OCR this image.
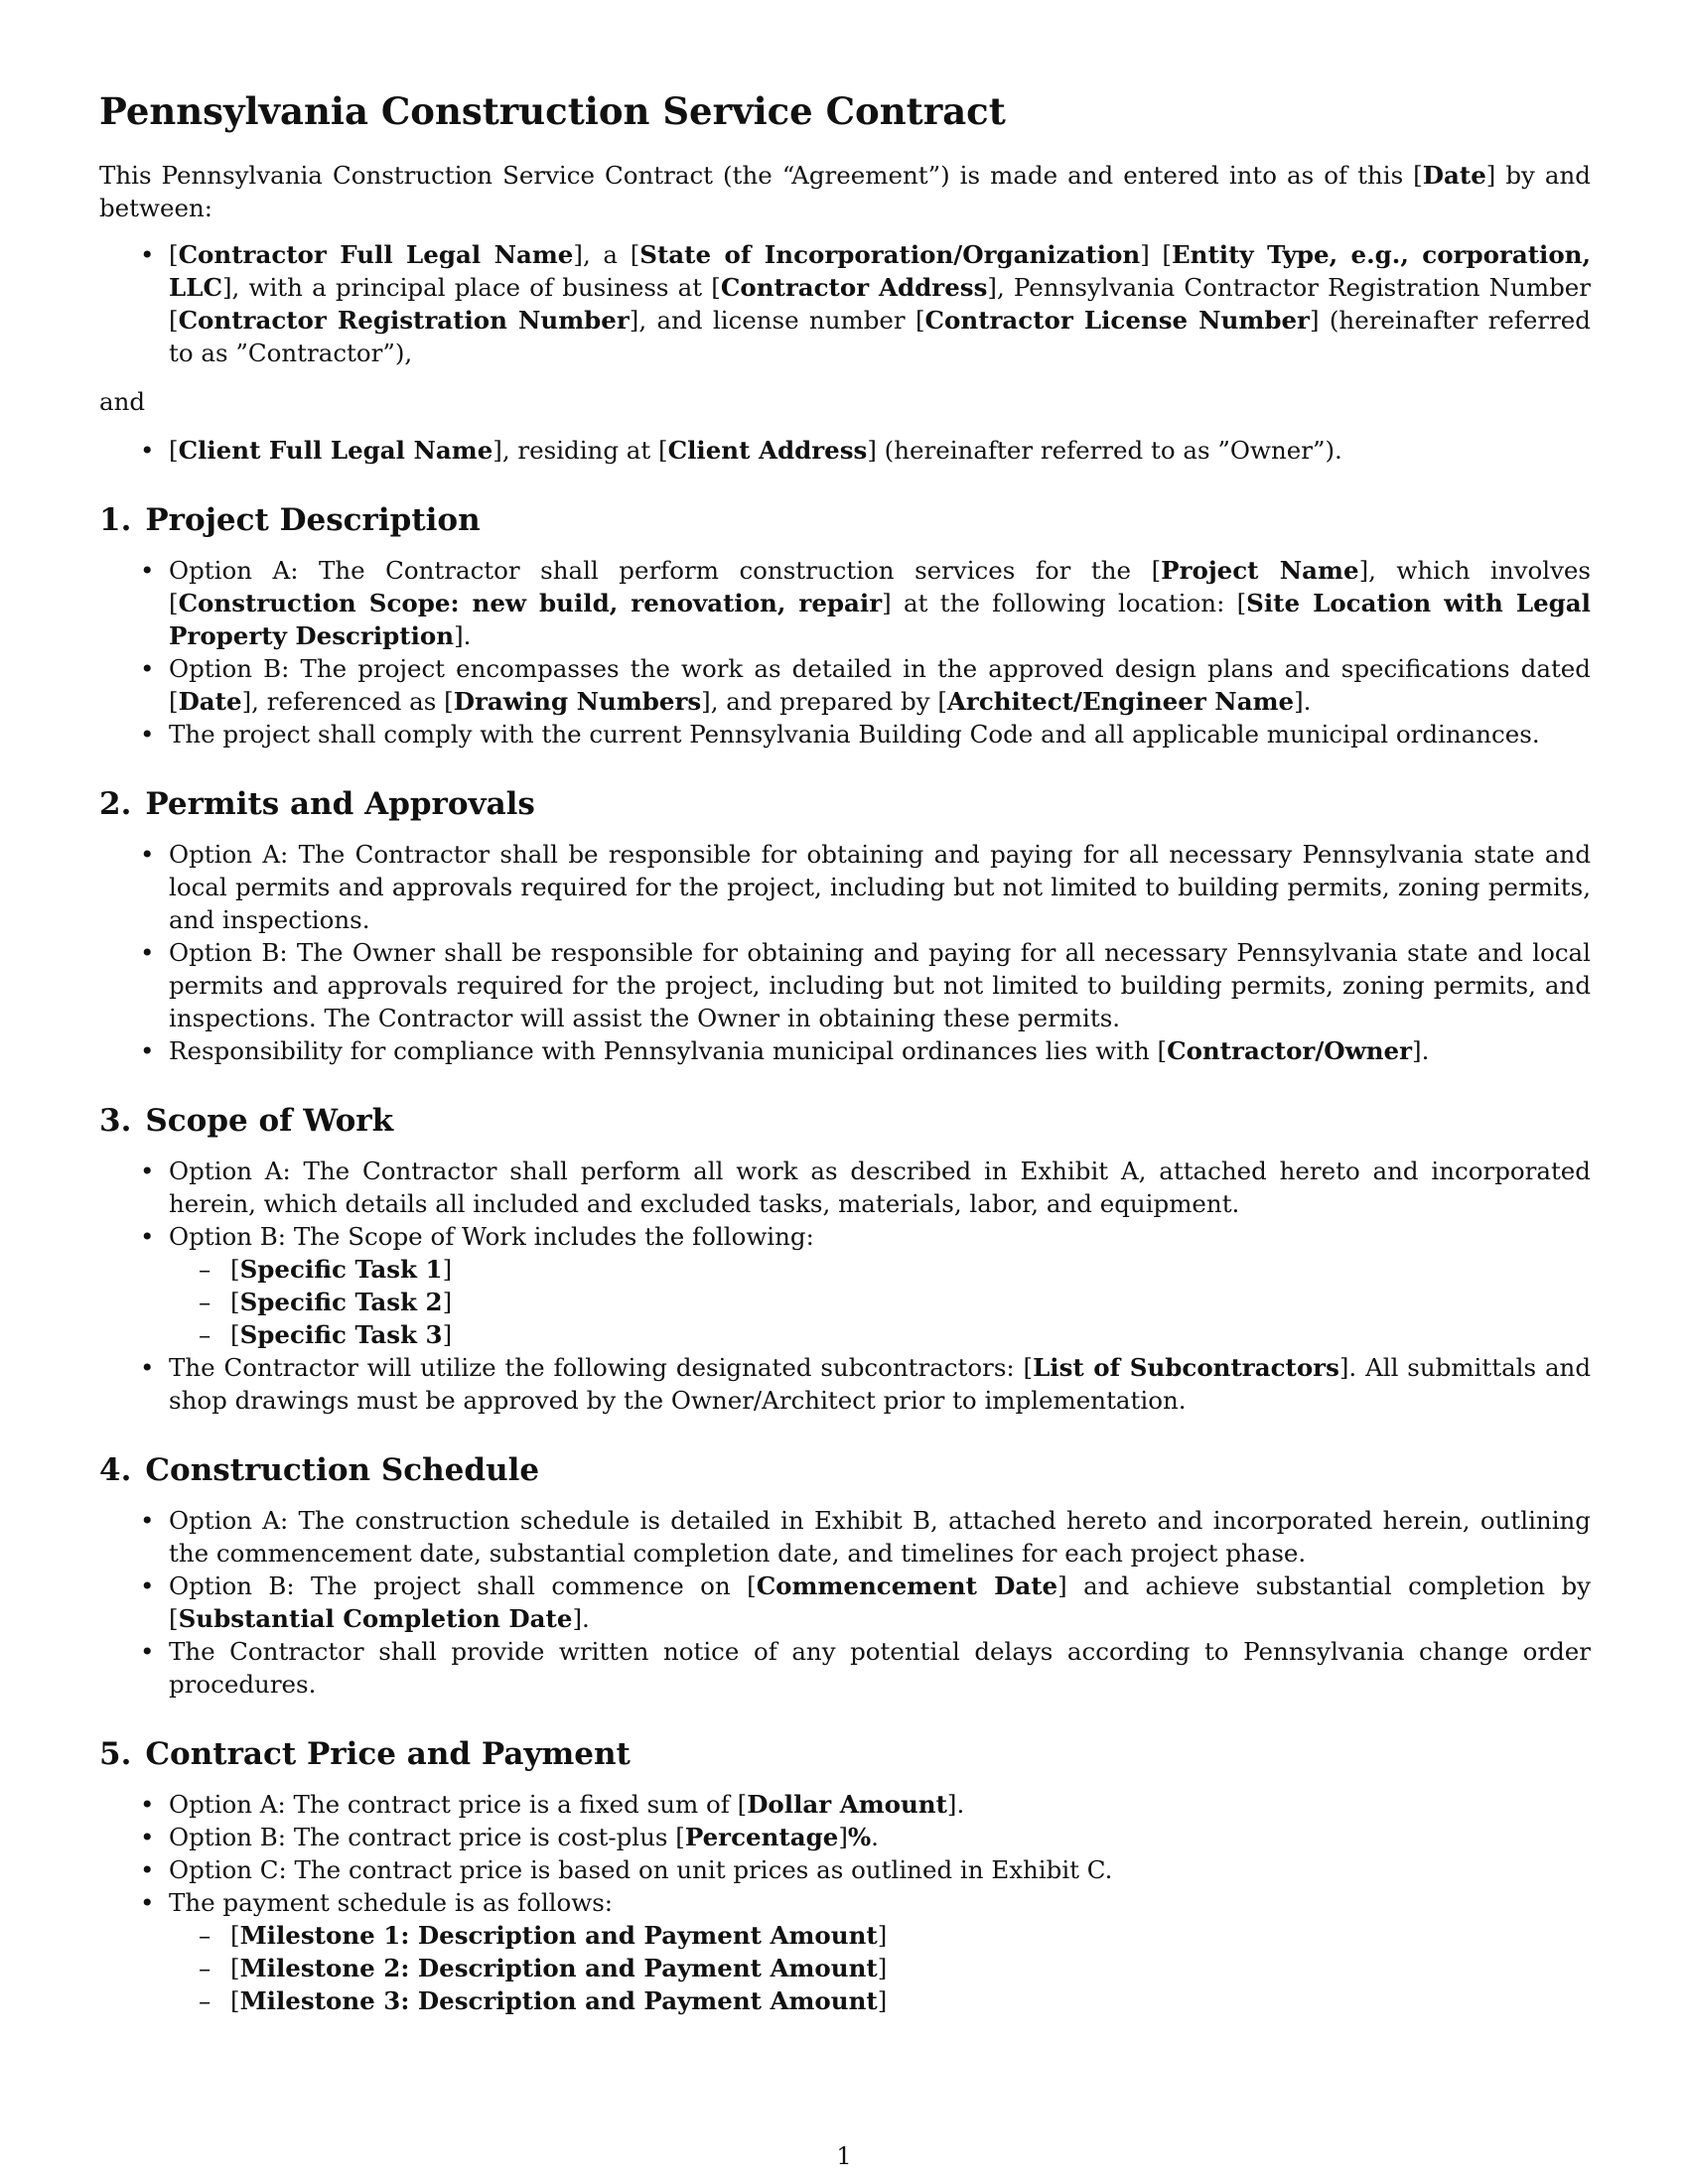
Pennsylvania Construction Service Contract

This Pennsylvania Construction Service Contract (the “Agreement”) is made and entered into as of this [Date] by and between:

• [Contractor Full Legal Name], a [State of Incorporation/Organization] [Entity Type, e.g., corporation, LLC], with a principal place of business at [Contractor Address], Pennsylvania Contractor Registration Number [Contractor Registration Number], and license number [Contractor License Number] (hereinafter referred to as ”Contractor”),

and

• [Client Full Legal Name], residing at [Client Address] (hereinafter referred to as ”Owner”).
1. Project Description
• Option A: The Contractor shall perform construction services for the [Project Name], which involves [Construction Scope: new build, renovation, repair] at the following location: [Site Location with Legal Property Description].
• Option B: The project encompasses the work as detailed in the approved design plans and specifications dated [Date], referenced as [Drawing Numbers], and prepared by [Architect/Engineer Name].
• The project shall comply with the current Pennsylvania Building Code and all applicable municipal ordinances.
2. Permits and Approvals
• Option A: The Contractor shall be responsible for obtaining and paying for all necessary Pennsylvania state and local permits and approvals required for the project, including but not limited to building permits, zoning permits, and inspections.
• Option B: The Owner shall be responsible for obtaining and paying for all necessary Pennsylvania state and local permits and approvals required for the project, including but not limited to building permits, zoning permits, and inspections. The Contractor will assist the Owner in obtaining these permits.
• Responsibility for compliance with Pennsylvania municipal ordinances lies with [Contractor/Owner].
3. Scope of Work
• Option A: The Contractor shall perform all work as described in Exhibit A, attached hereto and incorporated herein, which details all included and excluded tasks, materials, labor, and equipment.
• Option B: The Scope of Work includes the following:
– [Specific Task 1]
– [Specific Task 2]
– [Specific Task 3]
• The Contractor will utilize the following designated subcontractors: [List of Subcontractors]. All submittals and shop drawings must be approved by the Owner/Architect prior to implementation.
4. Construction Schedule
• Option A: The construction schedule is detailed in Exhibit B, attached hereto and incorporated herein, outlining the commencement date, substantial completion date, and timelines for each project phase.
• Option B: The project shall commence on [Commencement Date] and achieve substantial completion by [Substantial Completion Date].
• The Contractor shall provide written notice of any potential delays according to Pennsylvania change order procedures.
5. Contract Price and Payment
• Option A: The contract price is a fixed sum of [Dollar Amount].
• Option B: The contract price is cost-plus [Percentage]%.
• Option C: The contract price is based on unit prices as outlined in Exhibit C.
• The payment schedule is as follows:
– [Milestone 1: Description and Payment Amount]
– [Milestone 2: Description and Payment Amount]
– [Milestone 3: Description and Payment Amount]
1
